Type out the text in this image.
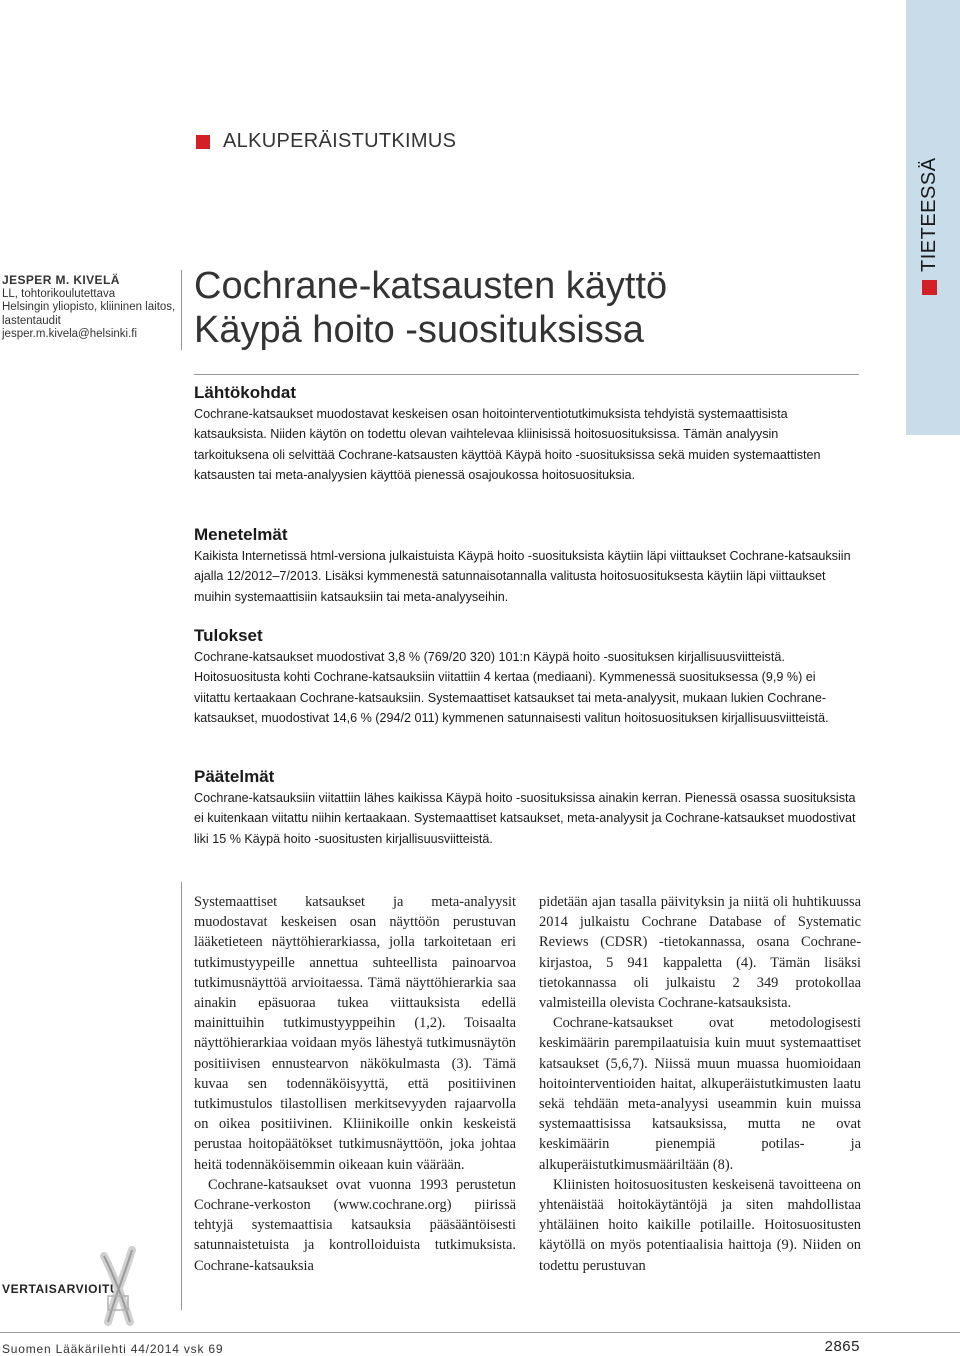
TIETEESSÄ
ALKUPERÄISTUTKIMUS
JESPER M. KIVELÄ
LL, tohtorikoulutettava
Helsingin yliopisto, kliininen laitos,
lastentaudit
jesper.m.kivela@helsinki.fi
Cochrane-katsausten käyttö
Käypä hoito -suosituksissa
Lähtökohdat

Cochrane-katsaukset muodostavat keskeisen osan hoitointerventiotutkimuksista tehdyistä systemaattisista katsauksista. Niiden käytön on todettu olevan vaihtelevaa kliinisissä hoitosuosituksissa. Tämän analyysin tarkoituksena oli selvittää Cochrane-katsausten käyttöä Käypä hoito -suosituksissa sekä muiden systemaattisten katsausten tai meta-analyysien käyttöä pienessä osajoukossa hoitosuosituksia.

Menetelmät

Kaikista Internetissä html-versiona julkaistuista Käypä hoito -suosituksista käytiin läpi viittaukset Cochrane-katsauksiin ajalla 12/2012–7/2013. Lisäksi kymmenestä satunnaisotannalla valitusta hoitosuosituksesta käytiin läpi viittaukset muihin systemaattisiin katsauksiin tai meta-analyyseihin.

Tulokset

Cochrane-katsaukset muodostivat 3,8 % (769/20 320) 101:n Käypä hoito -suosituksen kirjallisuusviitteistä. Hoitosuositusta kohti Cochrane-katsauksiin viitattiin 4 kertaa (mediaani). Kymmenessä suosituksessa (9,9 %) ei viitattu kertaakaan Cochrane-katsauksiin. Systemaattiset katsaukset tai meta-analyysit, mukaan lukien Cochrane-katsaukset, muodostivat 14,6 % (294/2 011) kymmenen satunnaisesti valitun hoitosuosituksen kirjallisuusviitteistä.

Päätelmät

Cochrane-katsauksiin viitattiin lähes kaikissa Käypä hoito -suosituksissa ainakin kerran. Pienessä osassa suosituksista ei kuitenkaan viitattu niihin kertaakaan. Systemaattiset katsaukset, meta-analyysit ja Cochrane-katsaukset muodostivat liki 15 % Käypä hoito -suositusten kirjallisuusviitteistä.

Systemaattiset katsaukset ja meta-analyysit muodostavat keskeisen osan näyttöön perustuvan lääketieteen näyttöhierarkiassa, jolla tarkoitetaan eri tutkimustyypeille annettua suhteellista painoarvoa tutkimusnäyttöä arvioitaessa. Tämä näyttöhierarkia saa ainakin epäsuoraa tukea viittauksista edellä mainittuihin tutkimustyyppeihin (1,2). Toisaalta näyttöhierarkiaa voidaan myös lähestyä tutkimusnäytön positiivisen ennustearvon näkökulmasta (3). Tämä kuvaa sen todennäköisyyttä, että positiivinen tutkimustulos tilastollisen merkitsevyyden rajaarvolla on oikea positiivinen. Kliinikoille onkin keskeistä perustaa hoitopäätökset tutkimusnäyttöön, joka johtaa heitä todennäköisemmin oikeaan kuin väärään.

Cochrane-katsaukset ovat vuonna 1993 perustetun Cochrane-verkoston (www.cochrane.org) piirissä tehtyjä systemaattisia katsauksia pääsääntöisesti satunnaistetuista ja kontrolloiduista tutkimuksista. Cochrane-katsauksia

pidetään ajan tasalla päivityksin ja niitä oli huhtikuussa 2014 julkaistu Cochrane Database of Systematic Reviews (CDSR) -tietokannassa, osana Cochrane-kirjastoa, 5 941 kappaletta (4). Tämän lisäksi tietokannassa oli julkaistu 2 349 protokollaa valmisteilla olevista Cochrane-katsauksista.

Cochrane-katsaukset ovat metodologisesti keskimäärin parempilaatuisia kuin muut systemaattiset katsaukset (5,6,7). Niissä muun muassa huomioidaan hoitointerventioiden haitat, alkuperäistutkimusten laatu sekä tehdään meta-analyysi useammin kuin muissa systemaattisissa katsauksissa, mutta ne ovat keskimäärin pienempiä potilas- ja alkuperäistutkimusmääriltään (8).

Kliinisten hoitosuositusten keskeisenä tavoitteena on yhtenäistää hoitokäytäntöjä ja siten mahdollistaa yhtäläinen hoito kaikille potilaille. Hoitosuositusten käytöllä on myös potentiaalisia haittoja (9). Niiden on todettu perustuvan

VERTAISARVIOITU
Suomen Lääkärilehti 44/2014 vsk 69	2865
